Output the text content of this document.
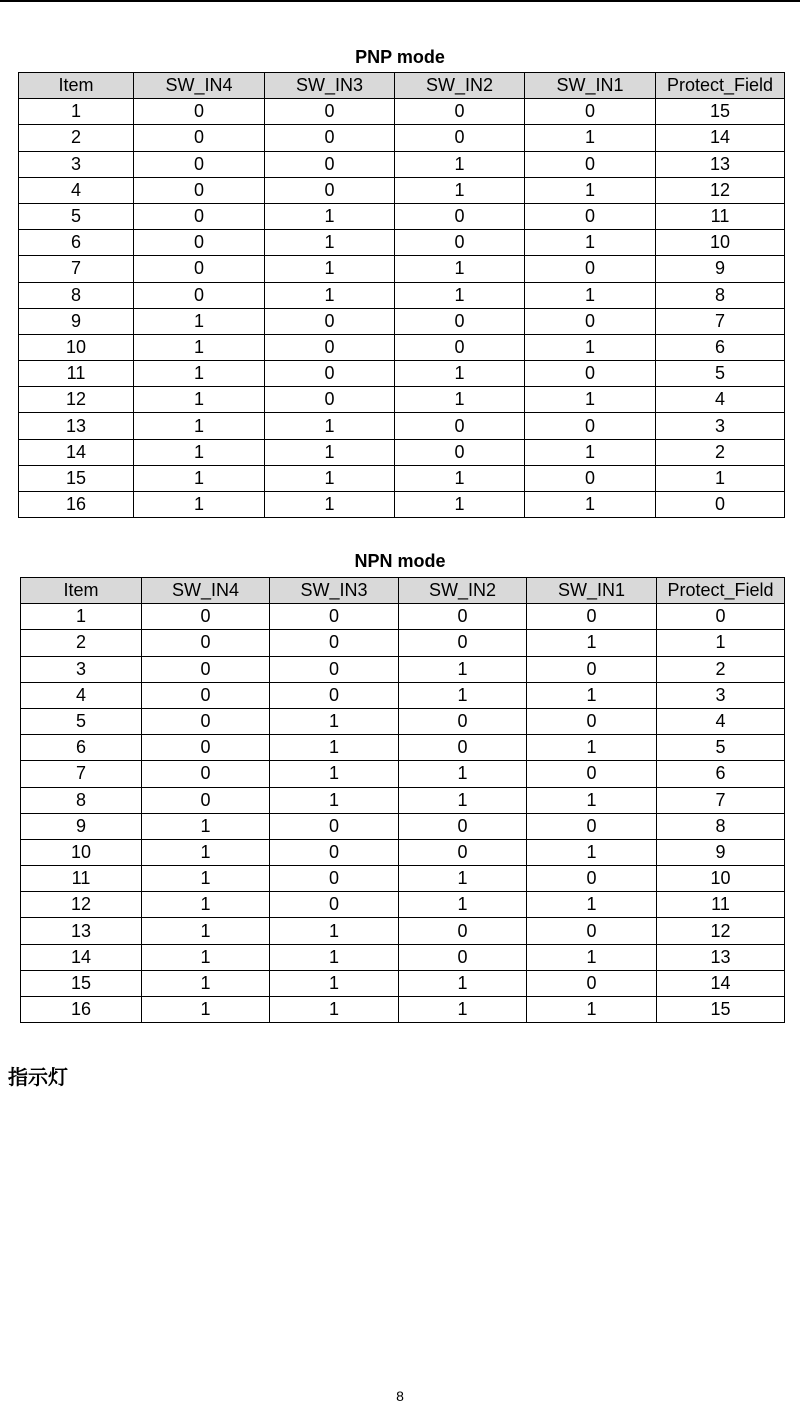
PNP mode
Item	SW_IN4	SW_IN3	SW_IN2	SW_IN1	Protect_Field
1	0	0	0	0	15
2	0	0	0	1	14
3	0	0	1	0	13
4	0	0	1	1	12
5	0	1	0	0	11
6	0	1	0	1	10
7	0	1	1	0	9
8	0	1	1	1	8
9	1	0	0	0	7
10	1	0	0	1	6
11	1	0	1	0	5
12	1	0	1	1	4
13	1	1	0	0	3
14	1	1	0	1	2
15	1	1	1	0	1
16	1	1	1	1	0
NPN mode
Item	SW_IN4	SW_IN3	SW_IN2	SW_IN1	Protect_Field
1	0	0	0	0	0
2	0	0	0	1	1
3	0	0	1	0	2
4	0	0	1	1	3
5	0	1	0	0	4
6	0	1	0	1	5
7	0	1	1	0	6
8	0	1	1	1	7
9	1	0	0	0	8
10	1	0	0	1	9
11	1	0	1	0	10
12	1	0	1	1	11
13	1	1	0	0	12
14	1	1	0	1	13
15	1	1	1	0	14
16	1	1	1	1	15
指示灯
8
